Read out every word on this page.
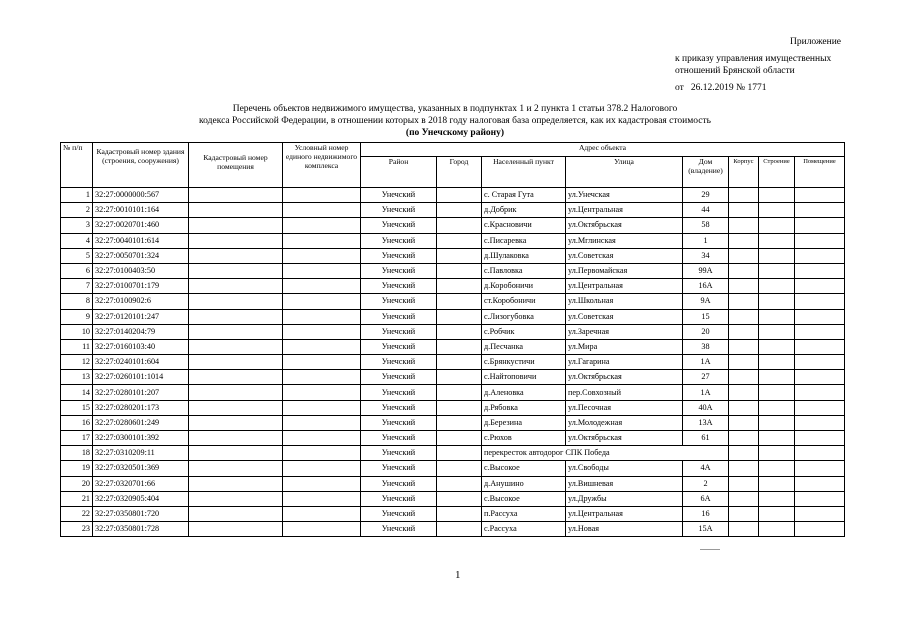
Приложение
к приказу управления имущественных
отношений Брянской области
от 26.12.2019 № 1771
Перечень объектов недвижимого имущества, указанных в подпунктах 1 и 2 пункта 1 статьи 378.2 Налогового
кодекса Российской Федерации, в отношении которых в 2018 году налоговая база определяется, как их кадастровая стоимость
(по Унечскому району)
№ п/п	Кадастровый номер здания (строения, сооружения)	Кадастровый номер помещения	Условный номер единого недвижимого комплекса	Адрес объекта							
				Район	Город	Населенный пункт	Улица	Дом (владение)	Корпус	Строение	Помещение
1	32:27:0000000:567			Унечский		с. Старая Гута	ул.Унечская	29			
2	32:27:0010101:164			Унечский		д.Добрик	ул.Центральная	44			
3	32:27:0020701:460			Унечский		с.Красновичи	ул.Октябрьская	58			
4	32:27:0040101:614			Унечский		с.Писаревка	ул.Мглинская	1			
5	32:27:0050701:324			Унечский		д.Шулаковка	ул.Советская	34			
6	32:27:0100403:50			Унечский		с.Павловка	ул.Первомайская	99А			
7	32:27:0100701:179			Унечский		д.Коробоничи	ул.Центральная	16А			
8	32:27:0100902:6			Унечский		ст.Коробоничи	ул.Школьная	9А			
9	32:27:0120101:247			Унечский		с.Лизогубовка	ул.Советская	15			
10	32:27:0140204:79			Унечский		с.Робчик	ул.Заречная	20			
11	32:27:0160103:40			Унечский		д.Песчанка	ул.Мира	38			
12	32:27:0240101:604			Унечский		с.Брянкустичи	ул.Гагарина	1А			
13	32:27:0260101:1014			Унечский		с.Найтоповичи	ул.Октябрьская	27			
14	32:27:0280101:207			Унечский		д.Аленовка	пер.Совхозный	1А			
15	32:27:0280201:173			Унечский		д.Рябовка	ул.Песочная	40А			
16	32:27:0280601:249			Унечский		д.Березина	ул.Молодежная	13А			
17	32:27:0300101:392			Унечский		с.Рюхов	ул.Октябрьская	61			
18	32:27:0310209:11			Унечский		перекресток автодорог СПК Победа					
19	32:27:0320501:369			Унечский		с.Высокое	ул.Свободы	4А			
20	32:27:0320701:66			Унечский		д.Анушино	ул.Вишневая	2			
21	32:27:0320905:404			Унечский		с.Высокое	ул.Дружбы	6А			
22	32:27:0350801:720			Унечский		п.Рассуха	ул.Центральная	16			
23	32:27:0350801:728			Унечский		с.Рассуха	ул.Новая	15А			
1
